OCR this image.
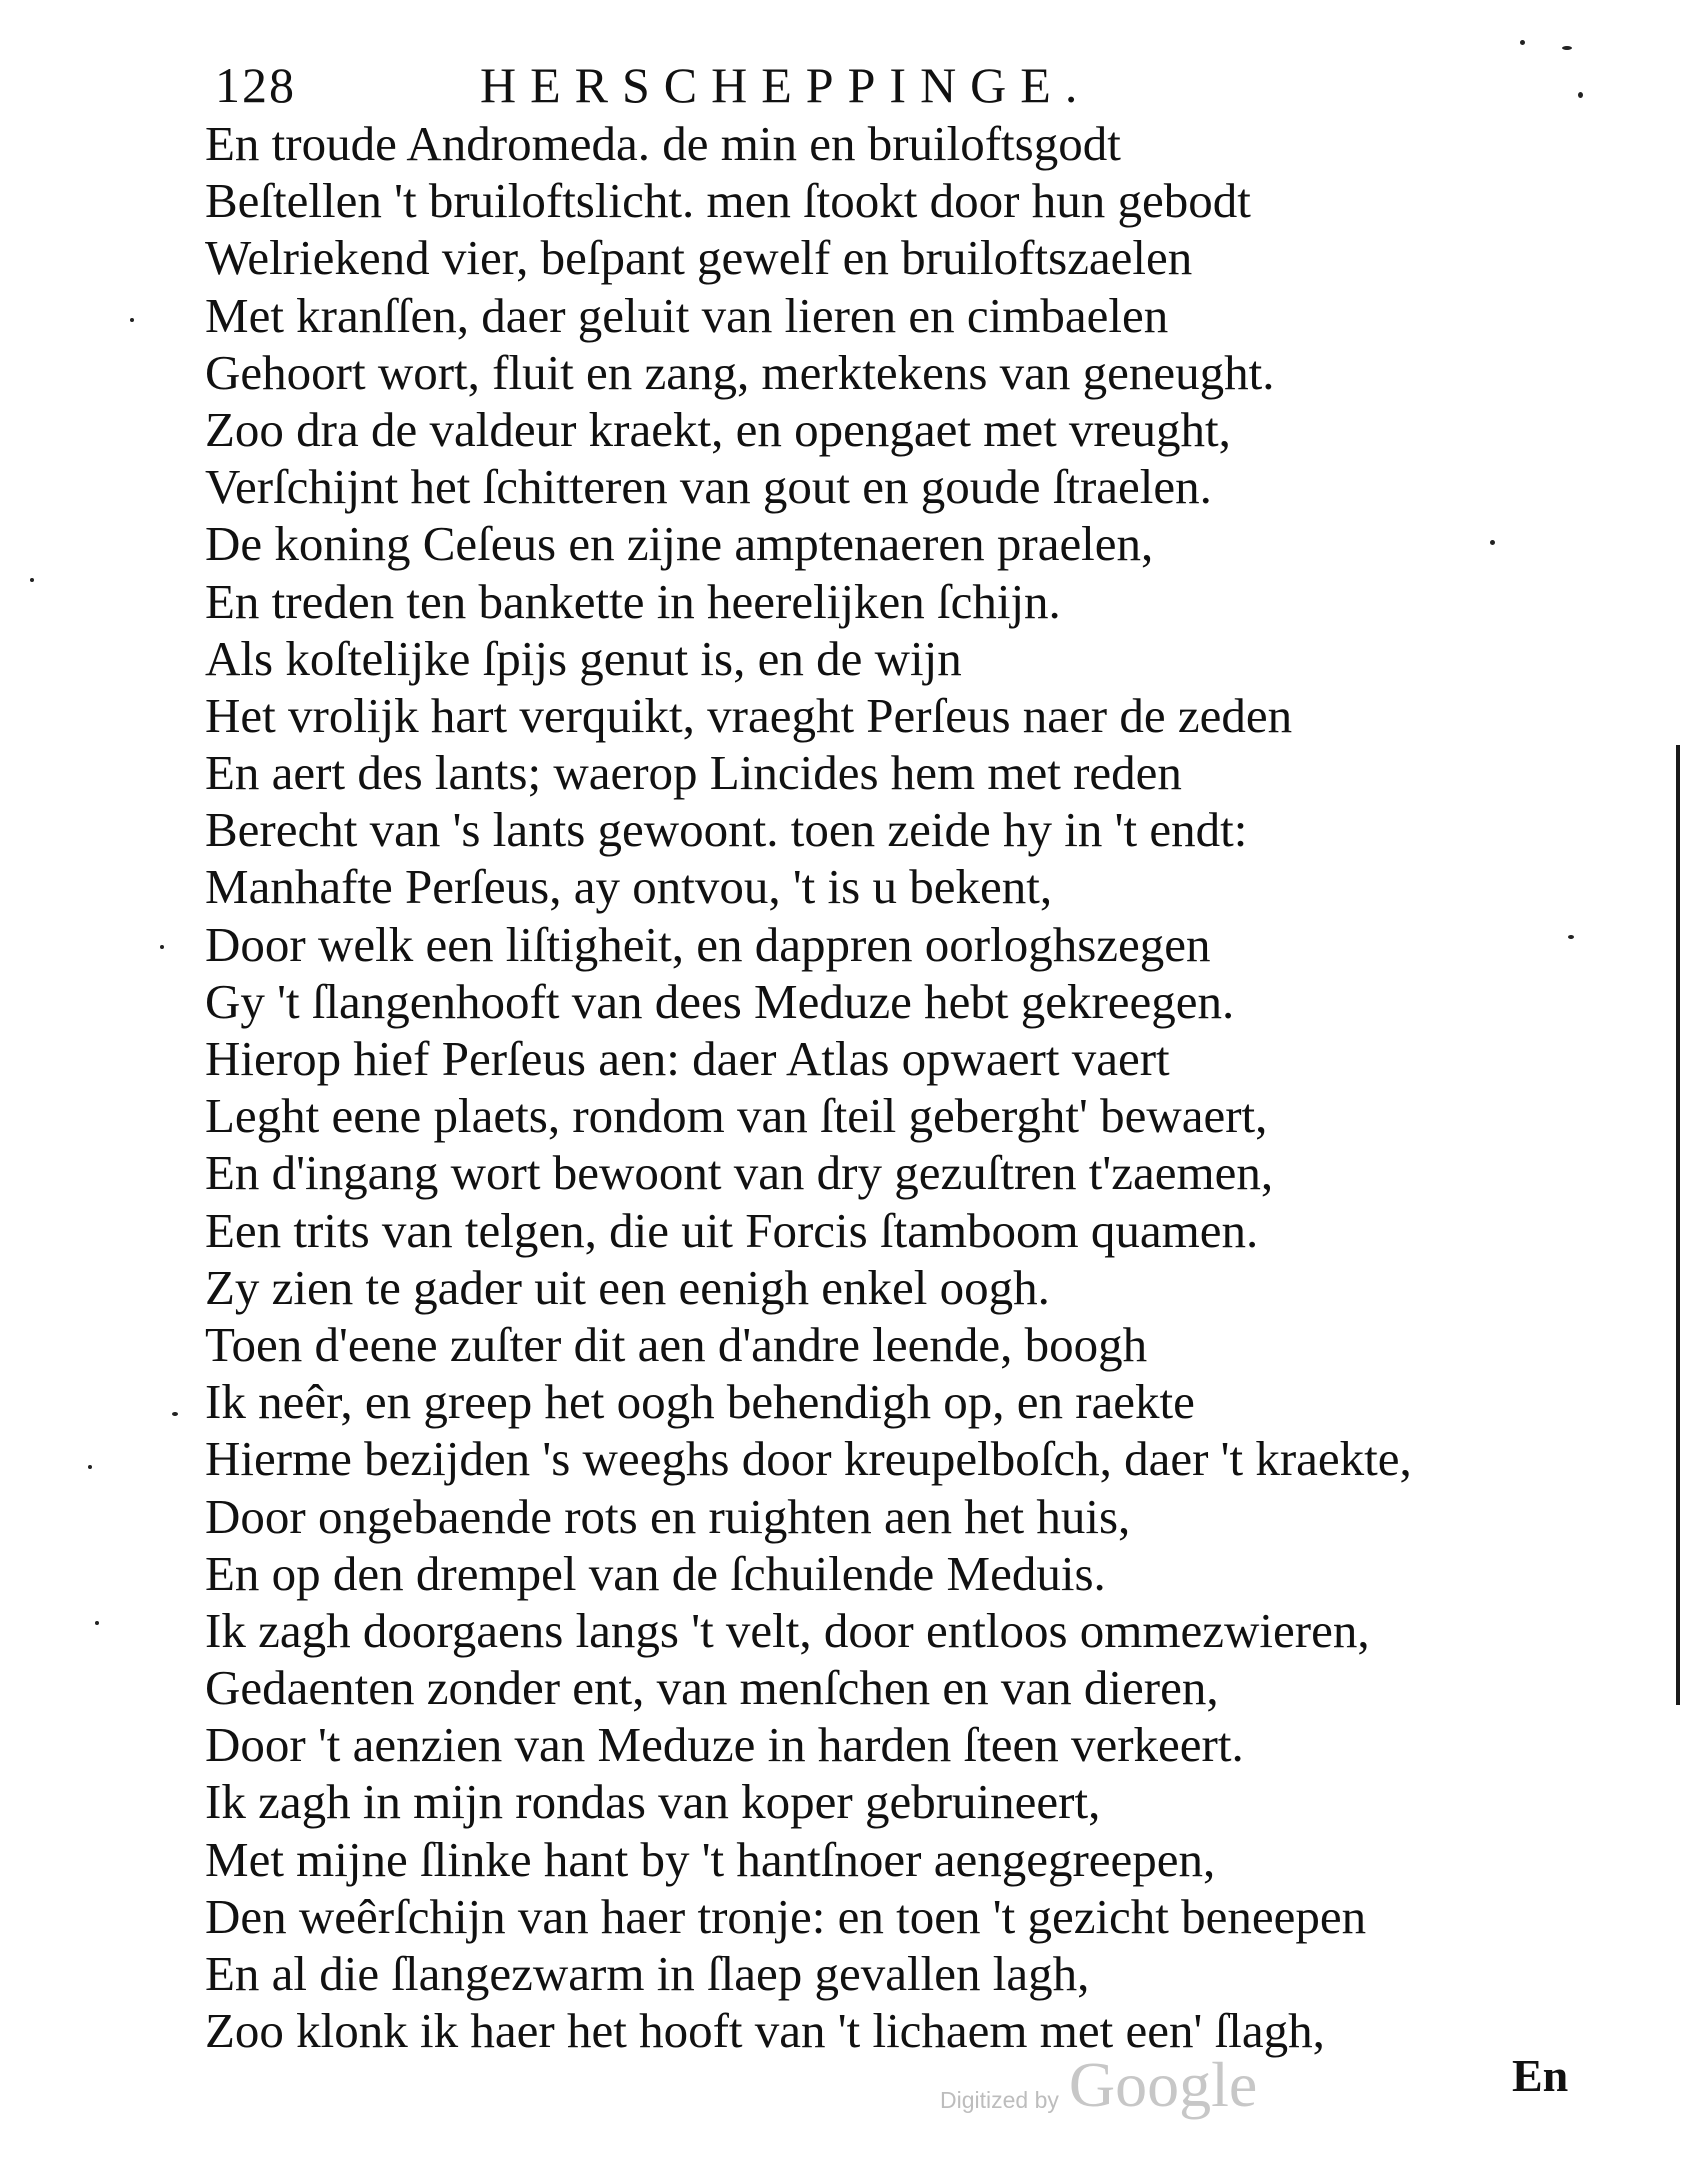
128	HERSCHEPPINGE.
En troude Andromeda. de min en bruiloftsgodt
Beſtellen 't bruiloftslicht. men ſtookt door hun gebodt
Welriekend vier, beſpant gewelf en bruiloftszaelen
Met kranſſen, daer geluit van lieren en cimbaelen
Gehoort wort, fluit en zang, merktekens van geneught.
Zoo dra de valdeur kraekt, en opengaet met vreught,
Verſchijnt het ſchitteren van gout en goude ſtraelen.
De koning Ceſeus en zijne amptenaeren praelen,
En treden ten bankette in heerelijken ſchijn.
Als koſtelijke ſpijs genut is, en de wijn
Het vrolijk hart verquikt, vraeght Perſeus naer de zeden
En aert des lants; waerop Lincides hem met reden
Berecht van 's lants gewoont. toen zeide hy in 't endt:
Manhafte Perſeus, ay ontvou, 't is u bekent,
Door welk een liſtigheit, en dappren oorloghszegen
Gy 't ſlangenhooft van dees Meduze hebt gekreegen.
Hierop hief Perſeus aen: daer Atlas opwaert vaert
Leght eene plaets, rondom van ſteil geberght' bewaert,
En d'ingang wort bewoont van dry gezuſtren t'zaemen,
Een trits van telgen, die uit Forcis ſtamboom quamen.
Zy zien te gader uit een eenigh enkel oogh.
Toen d'eene zuſter dit aen d'andre leende, boogh
Ik neêr, en greep het oogh behendigh op, en raekte
Hierme bezijden 's weeghs door kreupelboſch, daer 't kraekte,
Door ongebaende rots en ruighten aen het huis,
En op den drempel van de ſchuilende Meduis.
Ik zagh doorgaens langs 't velt, door entloos ommezwieren,
Gedaenten zonder ent, van menſchen en van dieren,
Door 't aenzien van Meduze in harden ſteen verkeert.
Ik zagh in mijn rondas van koper gebruineert,
Met mijne ſlinke hant by 't hantſnoer aengegreepen,
Den weêrſchijn van haer tronje: en toen 't gezicht beneepen
En al die ſlangezwarm in ſlaep gevallen lagh,
Zoo klonk ik haer het hooft van 't lichaem met een' ſlagh,
Digitized by Google	En
